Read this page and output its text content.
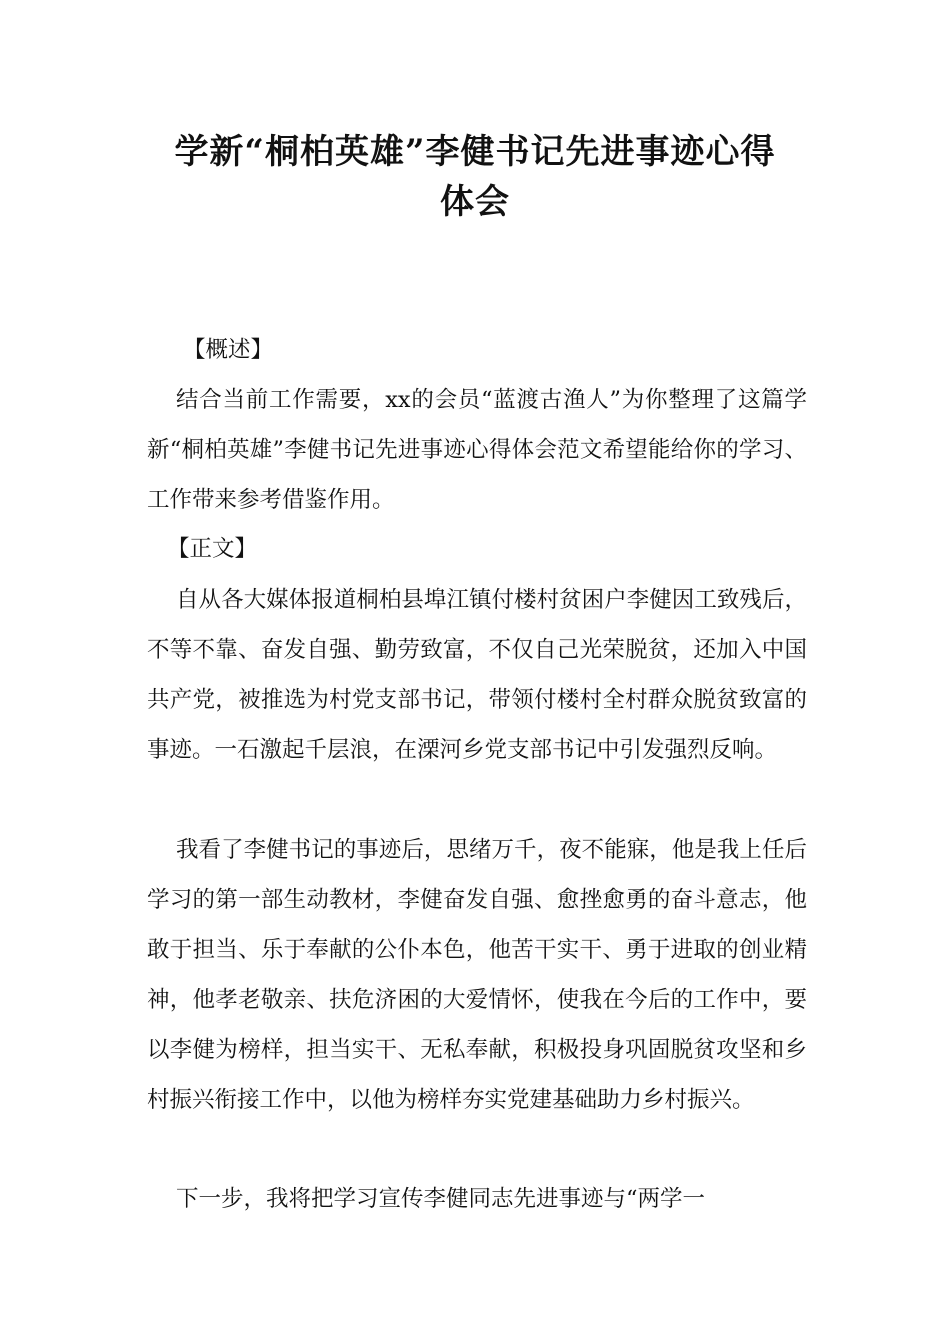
学新“桐柏英雄”李健书记先进事迹心得
体会
【概述】

结合当前工作需要，xx的会员“蓝渡古渔人”为你整理了这篇学新“桐柏英雄”李健书记先进事迹心得体会范文希望能给你的学习、工作带来参考借鉴作用。

【正文】

自从各大媒体报道桐柏县埠江镇付楼村贫困户李健因工致残后，不等不靠、奋发自强、勤劳致富，不仅自己光荣脱贫，还加入中国共产党，被推选为村党支部书记，带领付楼村全村群众脱贫致富的事迹。一石激起千层浪，在溧河乡党支部书记中引发强烈反响。

我看了李健书记的事迹后，思绪万千，夜不能寐，他是我上任后学习的第一部生动教材，李健奋发自强、愈挫愈勇的奋斗意志，他敢于担当、乐于奉献的公仆本色，他苦干实干、勇于进取的创业精神，他孝老敬亲、扶危济困的大爱情怀，使我在今后的工作中，要以李健为榜样，担当实干、无私奉献，积极投身巩固脱贫攻坚和乡村振兴衔接工作中，以他为榜样夯实党建基础助力乡村振兴。

下一步，我将把学习宣传李健同志先进事迹与“两学一
